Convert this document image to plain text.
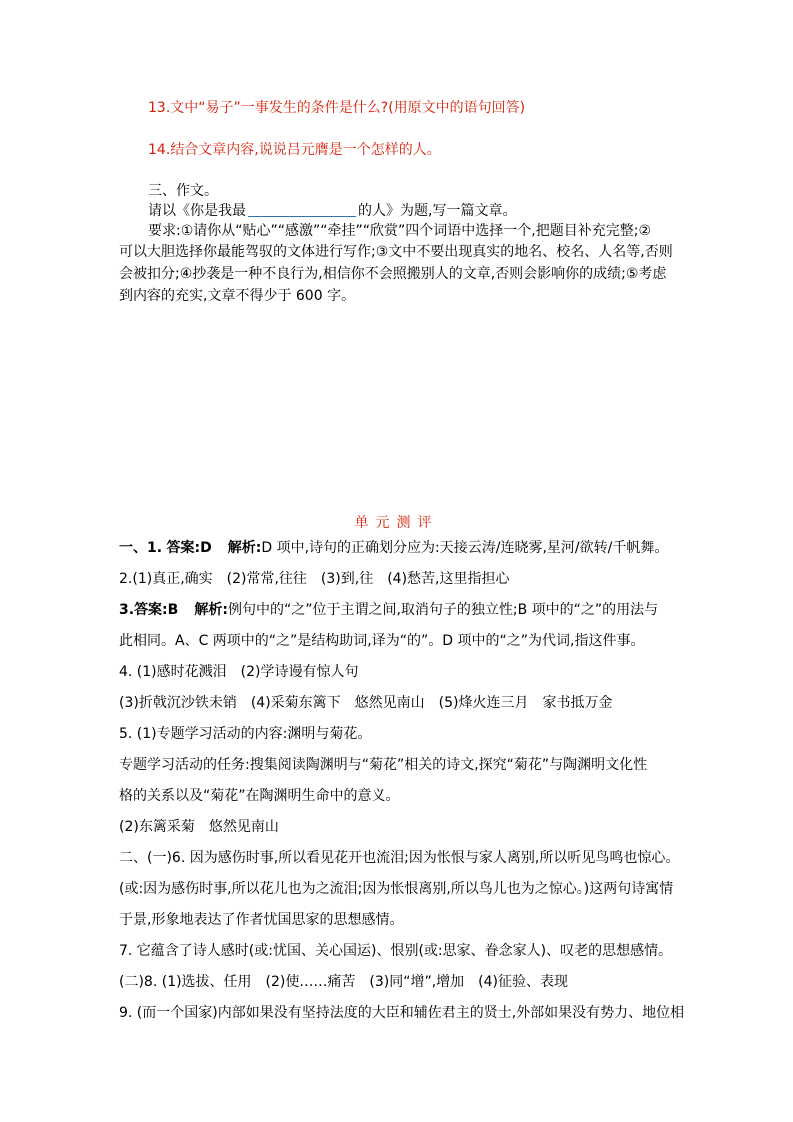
13.文中“易子”一事发生的条件是什么?(用原文中的语句回答)
14.结合文章内容,说说吕元膺是一个怎样的人。
三、作文。
请以《你是我最	的人》为题,写一篇文章。
要求:①请你从“贴心”“感激”“牵挂”“欣赏”四个词语中选择一个,把题目补充完整;②
可以大胆选择你最能驾驭的文体进行写作;③文中不要出现真实的地名、校名、人名等,否则
会被扣分;④抄袭是一种不良行为,相信你不会照搬别人的文章,否则会影响你的成绩;⑤考虑
到内容的充实,文章不得少于 600 字。
单元测评
一、1. 答案:D 解析:D 项中,诗句的正确划分应为:天接云涛/连晓雾,星河/欲转/千帆舞。
2.(1)真正,确实　(2)常常,往往　(3)到,往　(4)愁苦,这里指担心
3.答案:B 解析:例句中的“之”位于主谓之间,取消句子的独立性;B 项中的“之”的用法与
此相同。A、C 两项中的“之”是结构助词,译为“的”。D 项中的“之”为代词,指这件事。
4. (1)感时花溅泪　(2)学诗谩有惊人句
(3)折戟沉沙铁未销　(4)采菊东篱下　悠然见南山　(5)烽火连三月　家书抵万金
5. (1)专题学习活动的内容:渊明与菊花。
专题学习活动的任务:搜集阅读陶渊明与“菊花”相关的诗文,探究“菊花”与陶渊明文化性
格的关系以及“菊花”在陶渊明生命中的意义。
(2)东篱采菊　悠然见南山
二、(一)6. 因为感伤时事,所以看见花开也流泪;因为怅恨与家人离别,所以听见鸟鸣也惊心。
(或:因为感伤时事,所以花儿也为之流泪;因为怅恨离别,所以鸟儿也为之惊心。)这两句诗寓情
于景,形象地表达了作者忧国思家的思想感情。
7. 它蕴含了诗人感时(或:忧国、关心国运)、恨别(或:思家、眷念家人)、叹老的思想感情。
(二)8. (1)选拔、任用　(2)使……痛苦　(3)同“增”,增加　(4)征验、表现
9. (而一个国家)内部如果没有坚持法度的大臣和辅佐君主的贤士,外部如果没有势力、地位相
